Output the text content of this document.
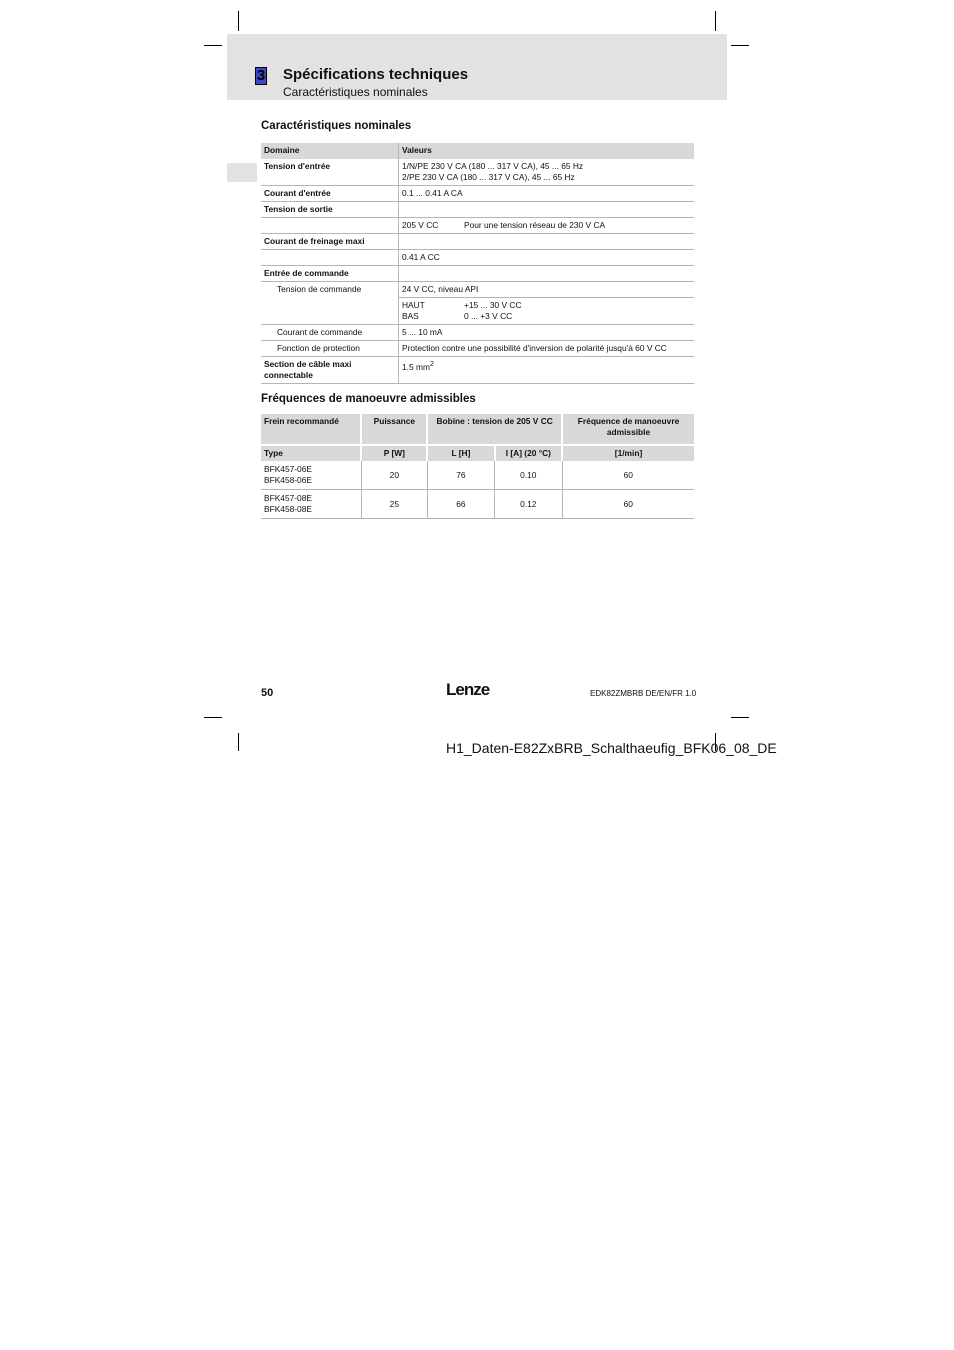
3 Spécifications techniques
Caractéristiques nominales
Caractéristiques nominales
Domaine	Valeurs
Tension d'entrée	1/N/PE 230 V CA (180 ... 317 V CA), 45 ... 65 Hz
2/PE 230 V CA (180 ... 317 V CA), 45 ... 65 Hz

Courant d'entrée	0.1 ... 0.41 A CA
Tension de sortie	
	205 V CC Pour une tension réseau de 230 V CA
Courant de freinage maxi	
	0.41 A CC
Entrée de commande	
Tension de commande	24 V CC, niveau API

	HAUT +15 ... 30 V CC
BAS 0 ... +3 V CC

Courant de commande	5 ... 10 mA
Fonction de protection	Protection contre une possibilité d'inversion de polarité jusqu'à 60 V CC

Section de câble maxi
connectable	1.5 $mm^2$
Fréquences de manoeuvre admissibles
Frein recommandé	Puissance	Bobine : tension de 205 V CC		Fréquence de manoeuvre admissible
Type	P [W]	L [H]	I [A] (20 °C)	[1/min]

BFK457-06E
BFK458-06E	20	76	0.10	60

BFK457-08E
BFK458-08E	25	66	0.12	60
50	Lenze	EDK82ZMBRB DE/EN/FR 1.0
H1_Daten-E82ZxBRB_Schalthaeufig_BFK06_08_DE
